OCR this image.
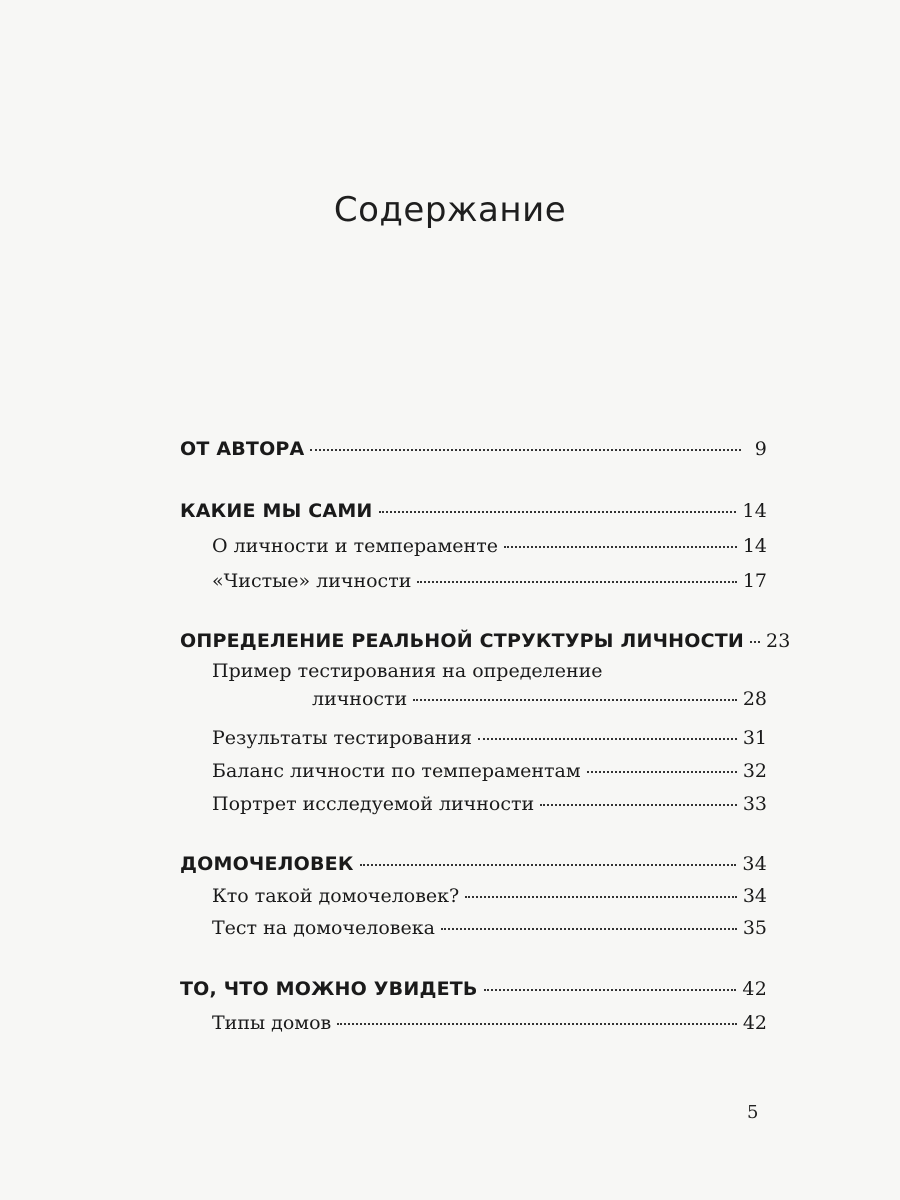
Содержание
ОТ АВТОРА	9
КАКИЕ МЫ САМИ	14
О личности и темпераменте	14
«Чистые» личности	17
ОПРЕДЕЛЕНИЕ РЕАЛЬНОЙ СТРУКТУРЫ ЛИЧНОСТИ 23
Пример тестирования на определение
личности	28
Результаты тестирования	31
Баланс личности по темпераментам	32
Портрет исследуемой личности	33
ДОМОЧЕЛОВЕК	34
Кто такой домочеловек?	34
Тест на домочеловека	35
ТО, ЧТО МОЖНО УВИДЕТЬ	42
Типы домов	42
5
